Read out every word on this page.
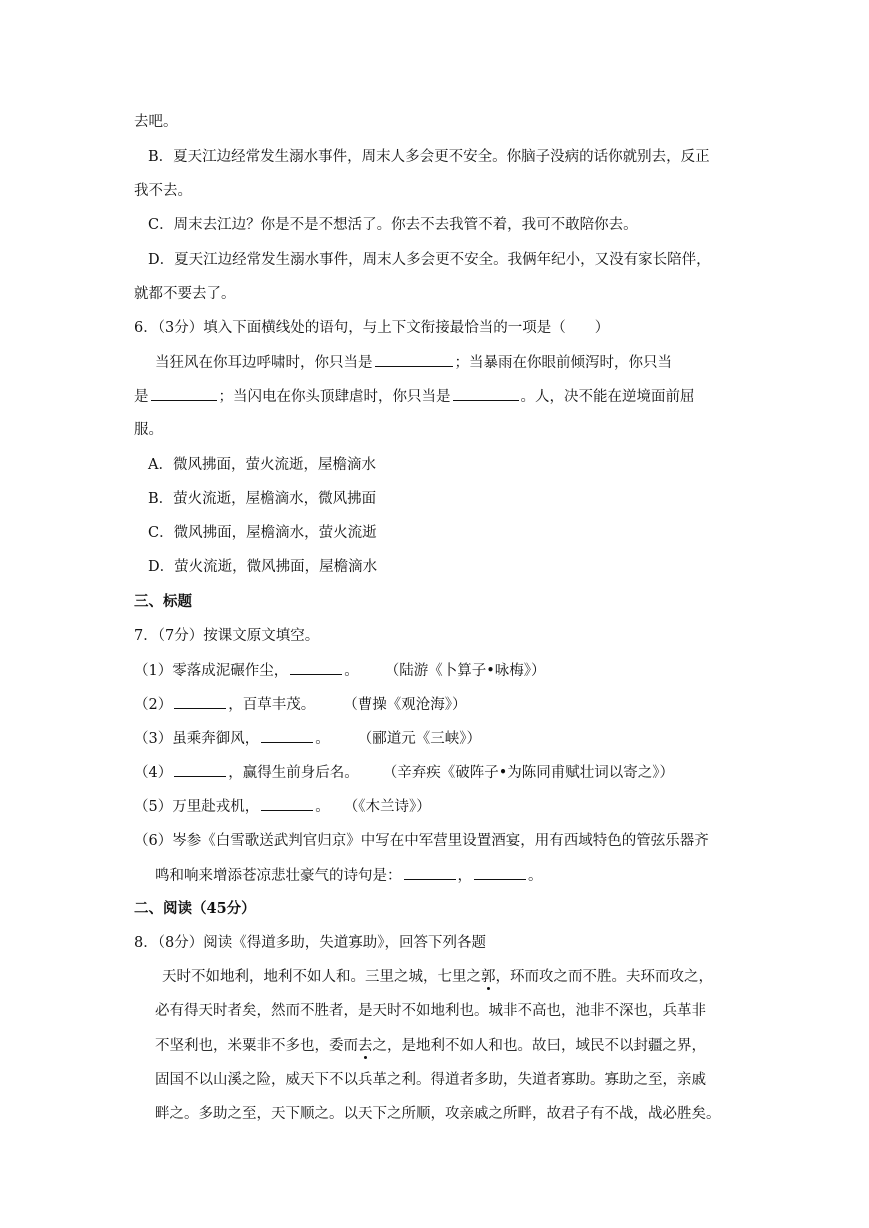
去吧。
B．夏天江边经常发生溺水事件，周末人多会更不安全。你脑子没病的话你就别去，反正
我不去。
C．周末去江边？你是不是不想活了。你去不去我管不着，我可不敢陪你去。
D．夏天江边经常发生溺水事件，周末人多会更不安全。我俩年纪小，又没有家长陪伴，
就都不要去了。
6．（3分）填入下面横线处的语句，与上下文衔接最恰当的一项是（　　）
当狂风在你耳边呼啸时，你只当是	；当暴雨在你眼前倾泻时，你只当
是	；当闪电在你头顶肆虐时，你只当是	。人，决不能在逆境面前屈
服。
A．微风拂面，萤火流逝，屋檐滴水
B．萤火流逝，屋檐滴水，微风拂面
C．微风拂面，屋檐滴水，萤火流逝
D．萤火流逝，微风拂面，屋檐滴水
三、标题
7．（7分）按课文原文填空。
（1）零落成泥碾作尘，	。 （陆游《卜算子•咏梅》）
（2）	，百草丰茂。 （曹操《观沧海》）
（3）虽乘奔御风，	。 （郦道元《三峡》）
（4）	，赢得生前身后名。 （辛弃疾《破阵子•为陈同甫赋壮词以寄之》）
（5）万里赴戎机，	。 （《木兰诗》）
（6）岑参《白雪歌送武判官归京》中写在中军营里设置酒宴，用有西域特色的管弦乐器齐
鸣和响来增添苍凉悲壮豪气的诗句是：	，	。
二、阅读（45分）
8．（8分）阅读《得道多助，失道寡助》，回答下列各题
天时不如地利，地利不如人和。三里之城，七里之郭，环而攻之而不胜。夫环而攻之，
必有得天时者矣，然而不胜者，是天时不如地利也。城非不高也，池非不深也，兵革非
不坚利也，米粟非不多也，委而去之，是地利不如人和也。故曰，域民不以封疆之界，
固国不以山溪之险，威天下不以兵革之利。得道者多助，失道者寡助。寡助之至，亲戚
畔之。多助之至，天下顺之。以天下之所顺，攻亲戚之所畔，故君子有不战，战必胜矣。
